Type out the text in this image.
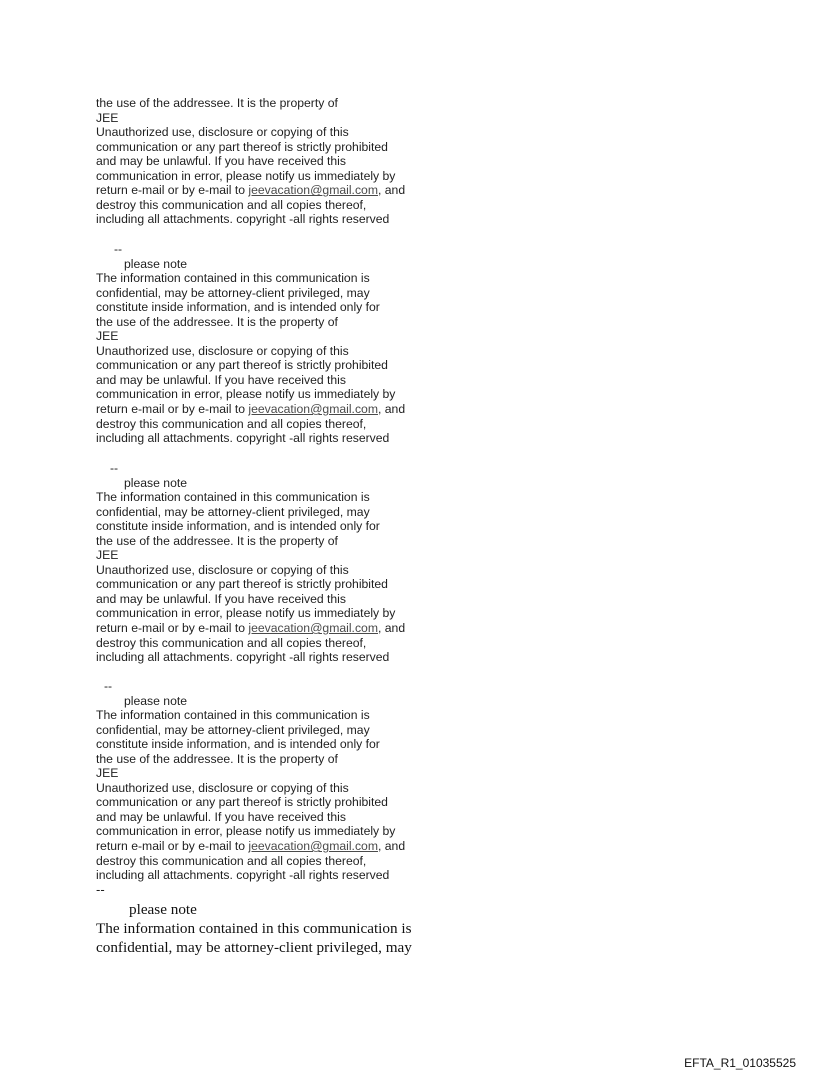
the use of the addressee. It is the property of
JEE
Unauthorized use, disclosure or copying of this
communication or any part thereof is strictly prohibited
and may be unlawful. If you have received this
communication in error, please notify us immediately by
return e-mail or by e-mail to jeevacation@gmail.com, and
destroy this communication and all copies thereof,
including all attachments. copyright -all rights reserved
--
please note
The information contained in this communication is
confidential, may be attorney-client privileged, may
constitute inside information, and is intended only for
the use of the addressee. It is the property of
JEE
Unauthorized use, disclosure or copying of this
communication or any part thereof is strictly prohibited
and may be unlawful. If you have received this
communication in error, please notify us immediately by
return e-mail or by e-mail to jeevacation@gmail.com, and
destroy this communication and all copies thereof,
including all attachments. copyright -all rights reserved
--
please note
The information contained in this communication is
confidential, may be attorney-client privileged, may
constitute inside information, and is intended only for
the use of the addressee. It is the property of
JEE
Unauthorized use, disclosure or copying of this
communication or any part thereof is strictly prohibited
and may be unlawful. If you have received this
communication in error, please notify us immediately by
return e-mail or by e-mail to jeevacation@gmail.com, and
destroy this communication and all copies thereof,
including all attachments. copyright -all rights reserved
--
please note
The information contained in this communication is
confidential, may be attorney-client privileged, may
constitute inside information, and is intended only for
the use of the addressee. It is the property of
JEE
Unauthorized use, disclosure or copying of this
communication or any part thereof is strictly prohibited
and may be unlawful. If you have received this
communication in error, please notify us immediately by
return e-mail or by e-mail to jeevacation@gmail.com, and
destroy this communication and all copies thereof,
including all attachments. copyright -all rights reserved
--
please note
The information contained in this communication is
confidential, may be attorney-client privileged, may
EFTA_R1_01035525
